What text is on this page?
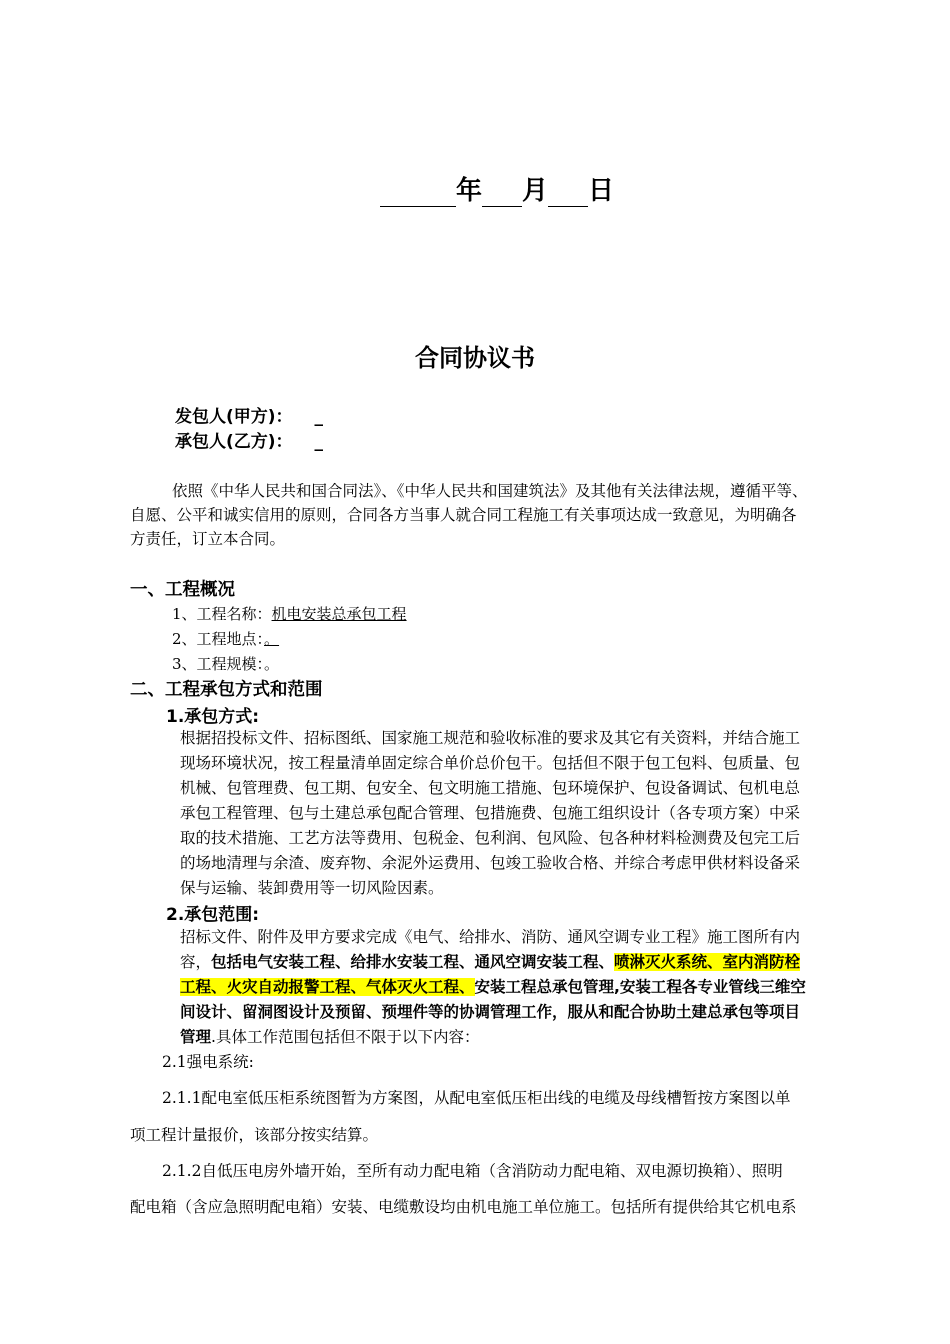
年 月 日
合同协议书
发包人(甲方)： _
承包人(乙方)： _
依照《中华人民共和国合同法》、《中华人民共和国建筑法》及其他有关法律法规，遵循平等、
自愿、公平和诚实信用的原则，合同各方当事人就合同工程施工有关事项达成一致意见，为明确各
方责任，订立本合同。
一、工程概况
1、工程名称：机电安装总承包工程
2、工程地点：。
3、工程规模：。
二、工程承包方式和范围
1.承包方式:
根据招投标文件、招标图纸、国家施工规范和验收标准的要求及其它有关资料，并结合施工
现场环境状况，按工程量清单固定综合单价总价包干。包括但不限于包工包料、包质量、包
机械、包管理费、包工期、包安全、包文明施工措施、包环境保护、包设备调试、包机电总
承包工程管理、包与土建总承包配合管理、包措施费、包施工组织设计（各专项方案）中采
取的技术措施、工艺方法等费用、包税金、包利润、包风险、包各种材料检测费及包完工后
的场地清理与余渣、废弃物、余泥外运费用、包竣工验收合格、并综合考虑甲供材料设备采
保与运输、装卸费用等一切风险因素。
2.承包范围:
招标文件、附件及甲方要求完成《电气、给排水、消防、通风空调专业工程》施工图所有内
容，包括电气安装工程、给排水安装工程、通风空调安装工程、喷淋灭火系统、室内消防栓
工程、火灾自动报警工程、气体灭火工程、安装工程总承包管理,安装工程各专业管线三维空
间设计、留洞图设计及预留、预埋件等的协调管理工作，服从和配合协助土建总承包等项目
管理.具体工作范围包括但不限于以下内容：
2.1强电系统:
2.1.1配电室低压柜系统图暂为方案图，从配电室低压柜出线的电缆及母线槽暂按方案图以单
项工程计量报价，该部分按实结算。
2.1.2自低压电房外墙开始，至所有动力配电箱（含消防动力配电箱、双电源切换箱）、照明
配电箱（含应急照明配电箱）安装、电缆敷设均由机电施工单位施工。包括所有提供给其它机电系
